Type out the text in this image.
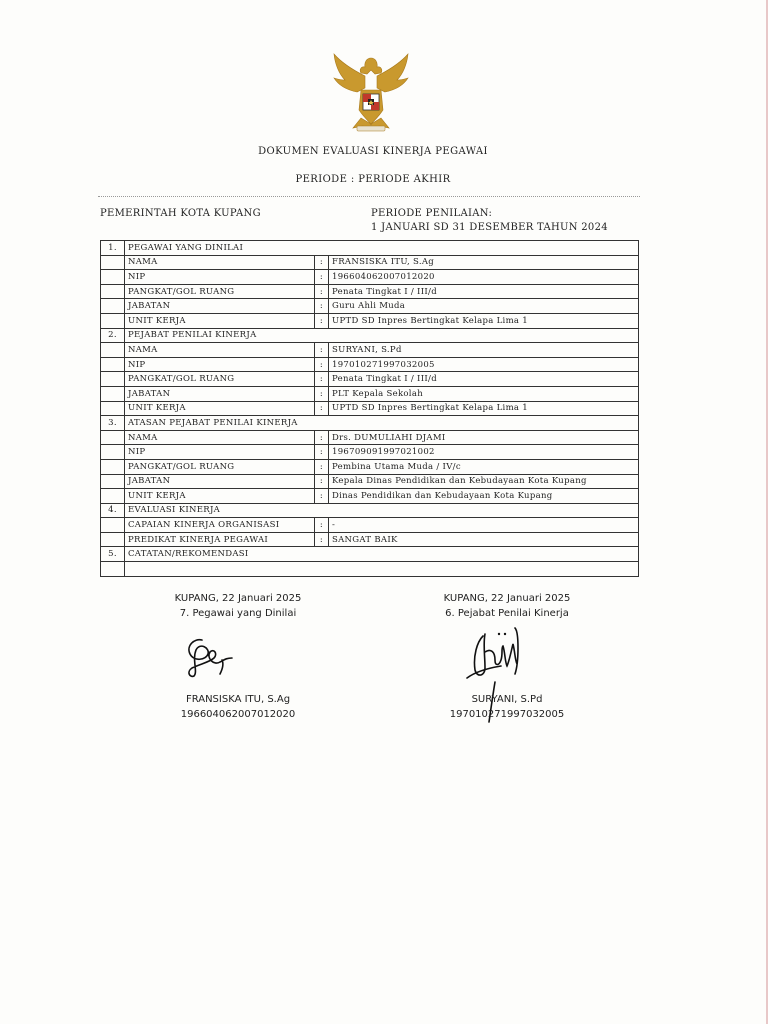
DOKUMEN EVALUASI KINERJA PEGAWAI
PERIODE : PERIODE AKHIR
PEMERINTAH KOTA KUPANG	PERIODE PENILAIAN:
1 JANUARI SD 31 DESEMBER TAHUN 2024
1.	PEGAWAI YANG DINILAI		
	NAMA	:	FRANSISKA ITU, S.Ag
	NIP	:	196604062007012020
	PANGKAT/GOL RUANG	:	Penata Tingkat I / III/d
	JABATAN	:	Guru Ahli Muda
	UNIT KERJA	:	UPTD SD Inpres Bertingkat Kelapa Lima 1
2.	PEJABAT PENILAI KINERJA		
	NAMA	:	SURYANI, S.Pd
	NIP	:	197010271997032005
	PANGKAT/GOL RUANG	:	Penata Tingkat I / III/d
	JABATAN	:	PLT Kepala Sekolah
	UNIT KERJA	:	UPTD SD Inpres Bertingkat Kelapa Lima 1
3.	ATASAN PEJABAT PENILAI KINERJA		
	NAMA	:	Drs. DUMULIAHI DJAMI
	NIP	:	196709091997021002
	PANGKAT/GOL RUANG	:	Pembina Utama Muda / IV/c
	JABATAN	:	Kepala Dinas Pendidikan dan Kebudayaan Kota Kupang
	UNIT KERJA	:	Dinas Pendidikan dan Kebudayaan Kota Kupang
4.	EVALUASI KINERJA		
	CAPAIAN KINERJA ORGANISASI	:	-
	PREDIKAT KINERJA PEGAWAI	:	SANGAT BAIK
5.	CATATAN/REKOMENDASI		

KUPANG, 22 Januari 2025
7. Pegawai yang Dinilai
FRANSISKA ITU, S.Ag
196604062007012020
KUPANG, 22 Januari 2025
6. Pejabat Penilai Kinerja
SURYANI, S.Pd
197010271997032005
